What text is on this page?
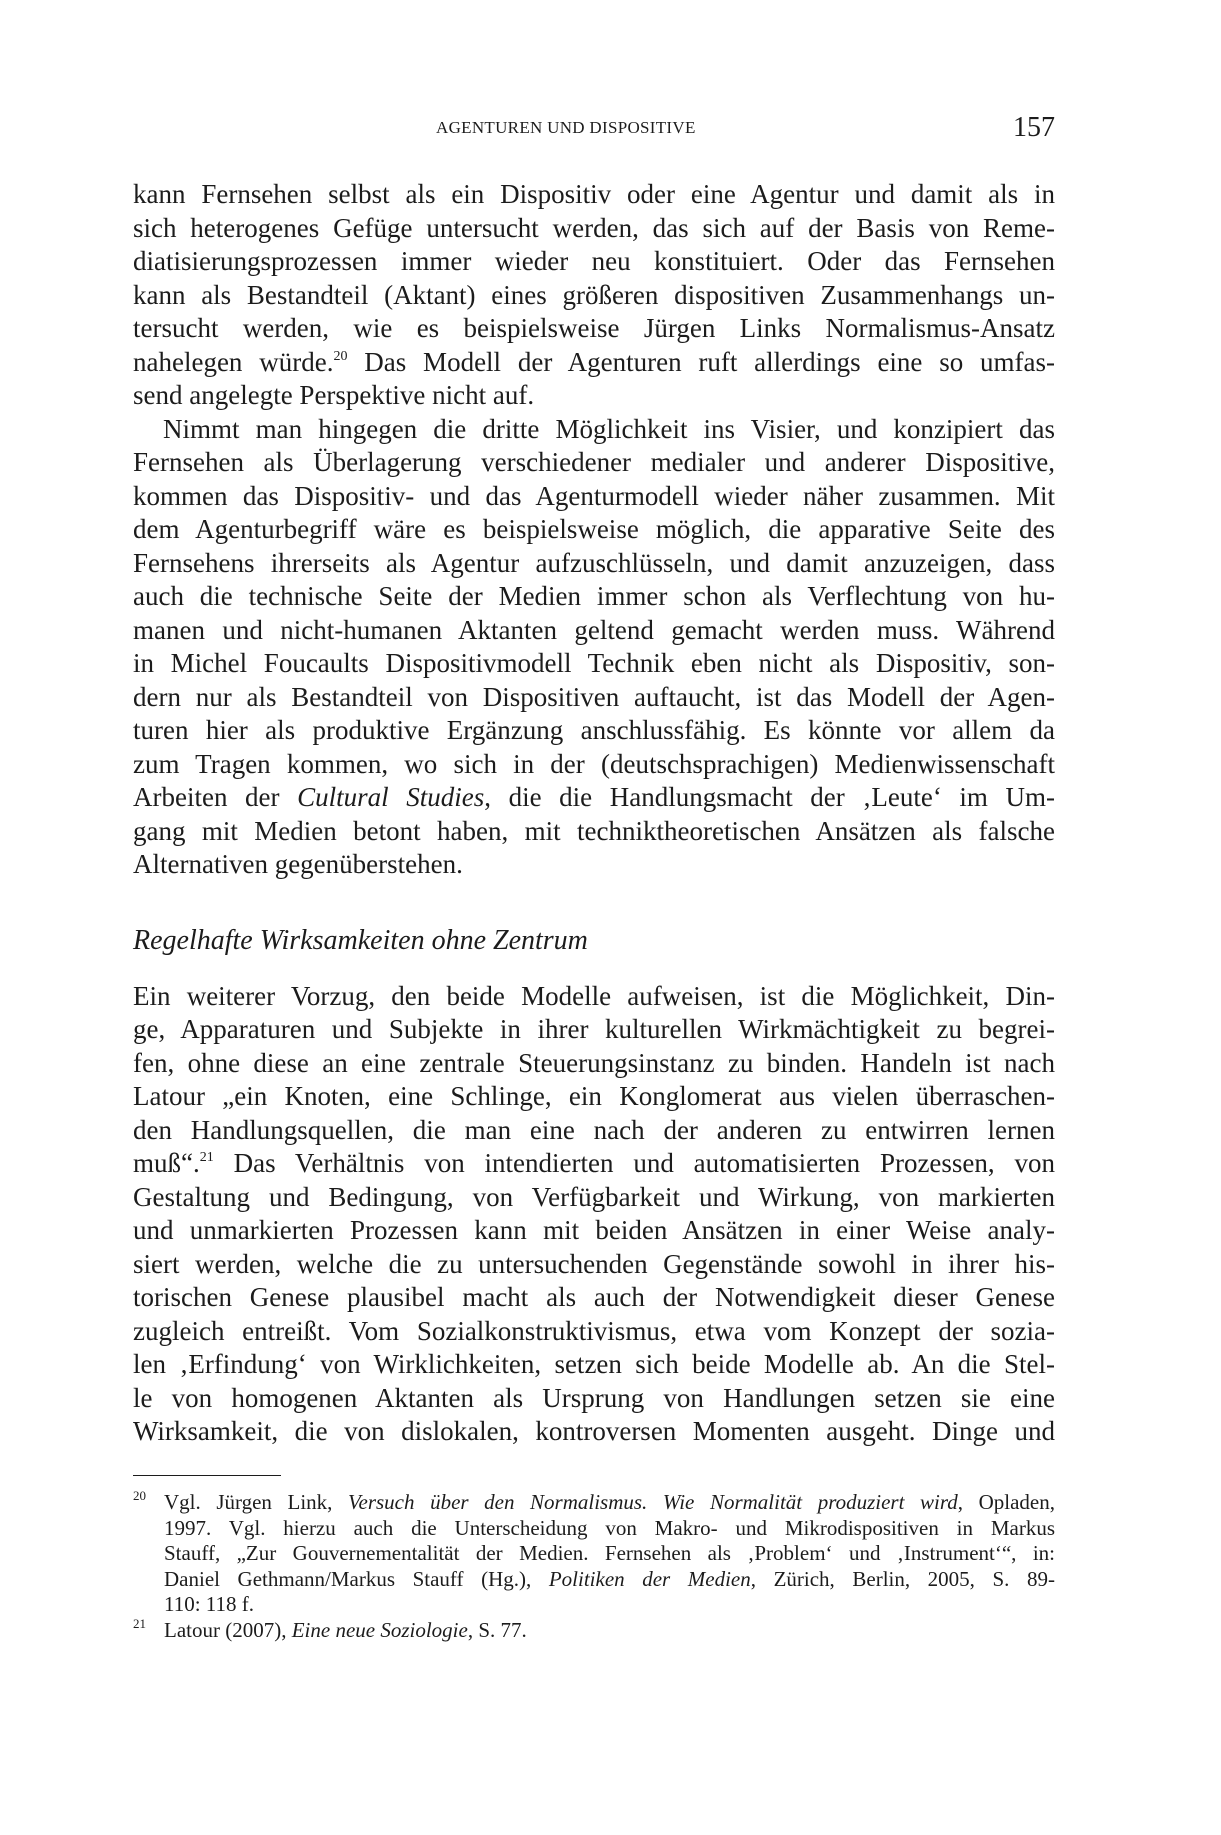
AGENTUREN UND DISPOSITIVE	157
kann Fernsehen selbst als ein Dispositiv oder eine Agentur und damit als in
sich heterogenes Gefüge untersucht werden, das sich auf der Basis von Reme-
diatisierungsprozessen immer wieder neu konstituiert. Oder das Fernsehen
kann als Bestandteil (Aktant) eines größeren dispositiven Zusammenhangs un-
tersucht werden, wie es beispielsweise Jürgen Links Normalismus-Ansatz
nahelegen würde.$^{20}$ Das Modell der Agenturen ruft allerdings eine so umfas-
send angelegte Perspektive nicht auf.
Nimmt man hingegen die dritte Möglichkeit ins Visier, und konzipiert das
Fernsehen als Überlagerung verschiedener medialer und anderer Dispositive,
kommen das Dispositiv- und das Agenturmodell wieder näher zusammen. Mit
dem Agenturbegriff wäre es beispielsweise möglich, die apparative Seite des
Fernsehens ihrerseits als Agentur aufzuschlüsseln, und damit anzuzeigen, dass
auch die technische Seite der Medien immer schon als Verflechtung von hu-
manen und nicht-humanen Aktanten geltend gemacht werden muss. Während
in Michel Foucaults Dispositivmodell Technik eben nicht als Dispositiv, son-
dern nur als Bestandteil von Dispositiven auftaucht, ist das Modell der Agen-
turen hier als produktive Ergänzung anschlussfähig. Es könnte vor allem da
zum Tragen kommen, wo sich in der (deutschsprachigen) Medienwissenschaft
Arbeiten der Cultural Studies, die die Handlungsmacht der ‚Leute‘ im Um-
gang mit Medien betont haben, mit techniktheoretischen Ansätzen als falsche
Alternativen gegenüberstehen.
Regelhafte Wirksamkeiten ohne Zentrum
Ein weiterer Vorzug, den beide Modelle aufweisen, ist die Möglichkeit, Din-
ge, Apparaturen und Subjekte in ihrer kulturellen Wirkmächtigkeit zu begrei-
fen, ohne diese an eine zentrale Steuerungsinstanz zu binden. Handeln ist nach
Latour „ein Knoten, eine Schlinge, ein Konglomerat aus vielen überraschen-
den Handlungsquellen, die man eine nach der anderen zu entwirren lernen
muß“.$^{21}$ Das Verhältnis von intendierten und automatisierten Prozessen, von
Gestaltung und Bedingung, von Verfügbarkeit und Wirkung, von markierten
und unmarkierten Prozessen kann mit beiden Ansätzen in einer Weise analy-
siert werden, welche die zu untersuchenden Gegenstände sowohl in ihrer his-
torischen Genese plausibel macht als auch der Notwendigkeit dieser Genese
zugleich entreißt. Vom Sozialkonstruktivismus, etwa vom Konzept der sozia-
len ‚Erfindung‘ von Wirklichkeiten, setzen sich beide Modelle ab. An die Stel-
le von homogenen Aktanten als Ursprung von Handlungen setzen sie eine
Wirksamkeit, die von dislokalen, kontroversen Momenten ausgeht. Dinge und
20 Vgl. Jürgen Link, Versuch über den Normalismus. Wie Normalität produziert wird, Opladen,
1997. Vgl. hierzu auch die Unterscheidung von Makro- und Mikrodispositiven in Markus
Stauff, „Zur Gouvernementalität der Medien. Fernsehen als ‚Problem‘ und ‚Instrument‘“, in:
Daniel Gethmann/Markus Stauff (Hg.), Politiken der Medien, Zürich, Berlin, 2005, S. 89-
110: 118 f.
21 Latour (2007), Eine neue Soziologie, S. 77.
